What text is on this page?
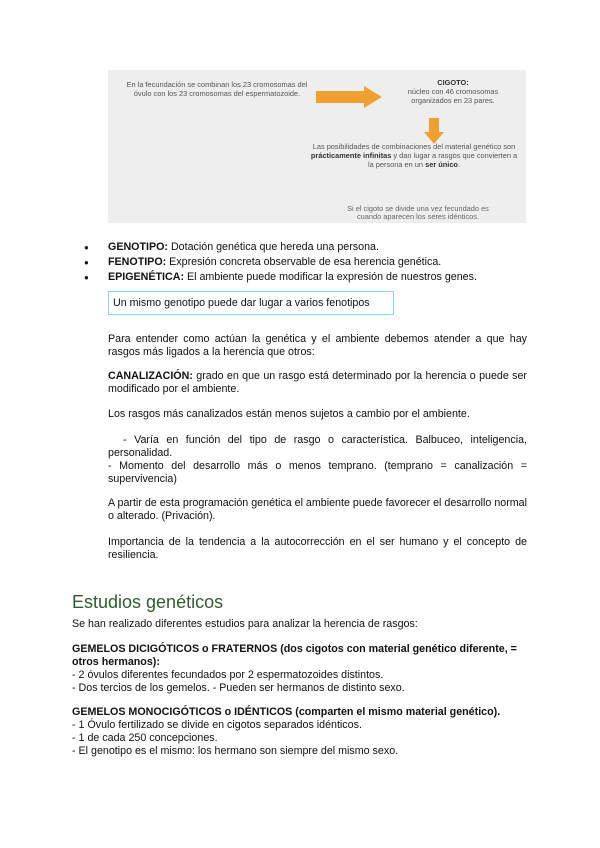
En la fecundación se combinan los 23 cromosomas del óvulo con los 23 cromosomas del espermatozoide.
CIGOTO:
núcleo con 46 cromosomas organizados en 23 pares.
Las posibilidades de combinaciones del material genético son prácticamente infinitas y dan lugar a rasgos que convierten a la persona en un ser único.
Si el cigoto se divide una vez fecundado es cuando aparecen los seres idénticos.
● GENOTIPO: Dotación genética que hereda una persona.
● FENOTIPO: Expresión concreta observable de esa herencia genética.
● EPIGENÉTICA: El ambiente puede modificar la expresión de nuestros genes.
Un mismo genotipo puede dar lugar a varios fenotipos

Para entender como actúan la genética y el ambiente debemos atender a que hay rasgos más ligados a la herencia que otros:

CANALIZACIÓN: grado en que un rasgo está determinado por la herencia o puede ser modificado por el ambiente.

Los rasgos más canalizados están menos sujetos a cambio por el ambiente.

- Varía en función del tipo de rasgo o característica. Balbuceo, inteligencia, personalidad.

- Momento del desarrollo más o menos temprano. (temprano = canalización = supervivencia)

A partir de esta programación genética el ambiente puede favorecer el desarrollo normal o alterado. (Privación).

Importancia de la tendencia a la autocorrección en el ser humano y el concepto de resiliencia.

Estudios genéticos

Se han realizado diferentes estudios para analizar la herencia de rasgos:

GEMELOS DICIGÓTICOS o FRATERNOS (dos cigotos con material genético diferente, = otros hermanos):

- 2 óvulos diferentes fecundados por 2 espermatozoides distintos.

- Dos tercios de los gemelos. - Pueden ser hermanos de distinto sexo.

GEMELOS MONOCIGÓTICOS o IDÉNTICOS (comparten el mismo material genético).

- 1 Óvulo fertilizado se divide en cigotos separados idénticos.

- 1 de cada 250 concepciones.

- El genotipo es el mismo: los hermano son siempre del mismo sexo.
